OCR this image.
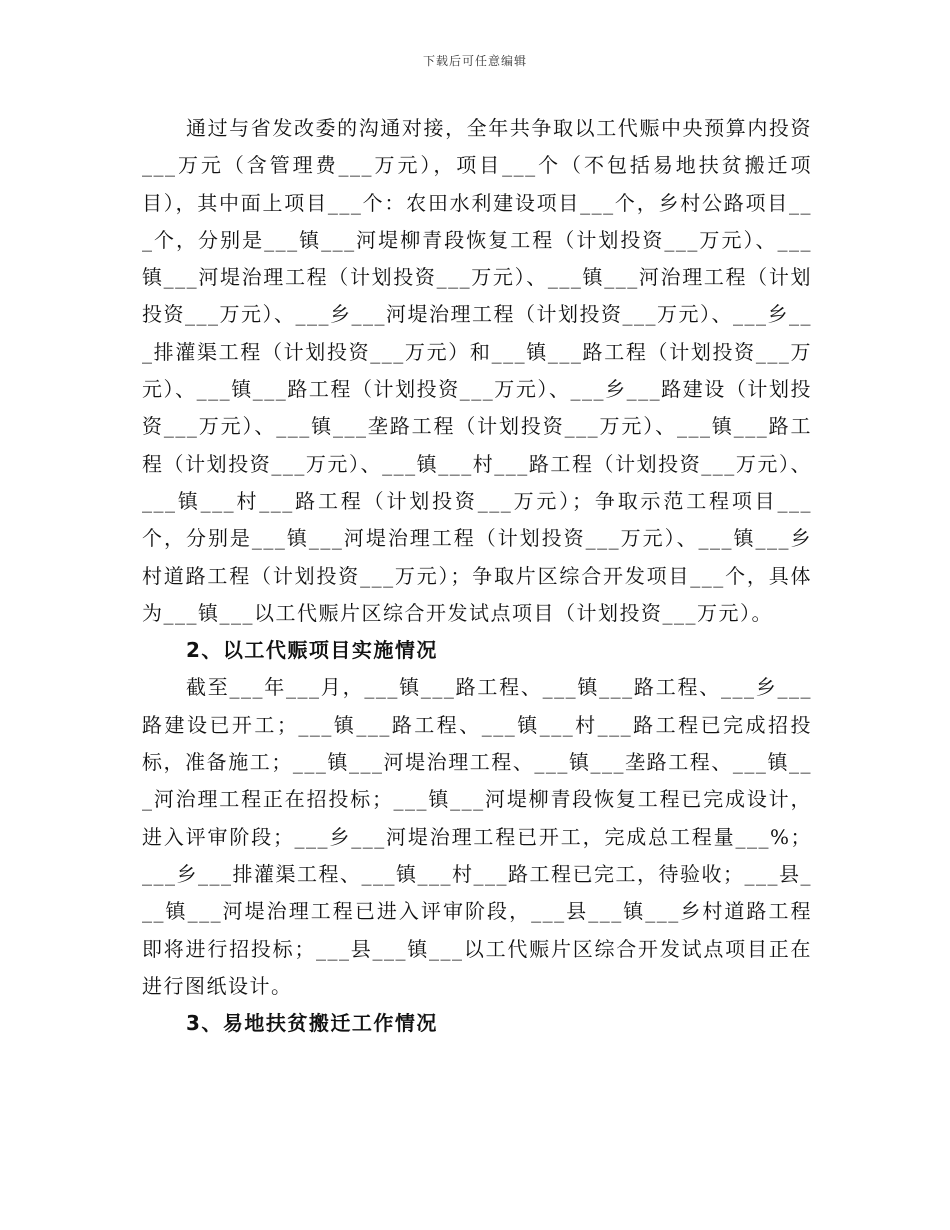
下载后可任意编辑

通过与省发改委的沟通对接，全年共争取以工代赈中央预算内投资___万元（含管理费___万元），项目___个（不包括易地扶贫搬迁项目），其中面上项目___个：农田水利建设项目___个，乡村公路项目___个，分别是___镇___河堤柳青段恢复工程（计划投资___万元）、___镇___河堤治理工程（计划投资___万元）、___镇___河治理工程（计划投资___万元）、___乡___河堤治理工程（计划投资___万元）、___乡___排灌渠工程（计划投资___万元）和___镇___路工程（计划投资___万元）、___镇___路工程（计划投资___万元）、___乡___路建设（计划投资___万元）、___镇___垄路工程（计划投资___万元）、___镇___路工程（计划投资___万元）、___镇___村___路工程（计划投资___万元）、___镇___村___路工程（计划投资___万元）；争取示范工程项目___个，分别是___镇___河堤治理工程（计划投资___万元）、___镇___乡村道路工程（计划投资___万元）；争取片区综合开发项目___个，具体为___镇___以工代赈片区综合开发试点项目（计划投资___万元）。

2、以工代赈项目实施情况

截至___年___月，___镇___路工程、___镇___路工程、___乡___路建设已开工；___镇___路工程、___镇___村___路工程已完成招投标，准备施工；___镇___河堤治理工程、___镇___垄路工程、___镇___河治理工程正在招投标；___镇___河堤柳青段恢复工程已完成设计，进入评审阶段；___乡___河堤治理工程已开工，完成总工程量___%；___乡___排灌渠工程、___镇___村___路工程已完工，待验收；___县___镇___河堤治理工程已进入评审阶段，___县___镇___乡村道路工程即将进行招投标；___县___镇___以工代赈片区综合开发试点项目正在进行图纸设计。

3、易地扶贫搬迁工作情况
